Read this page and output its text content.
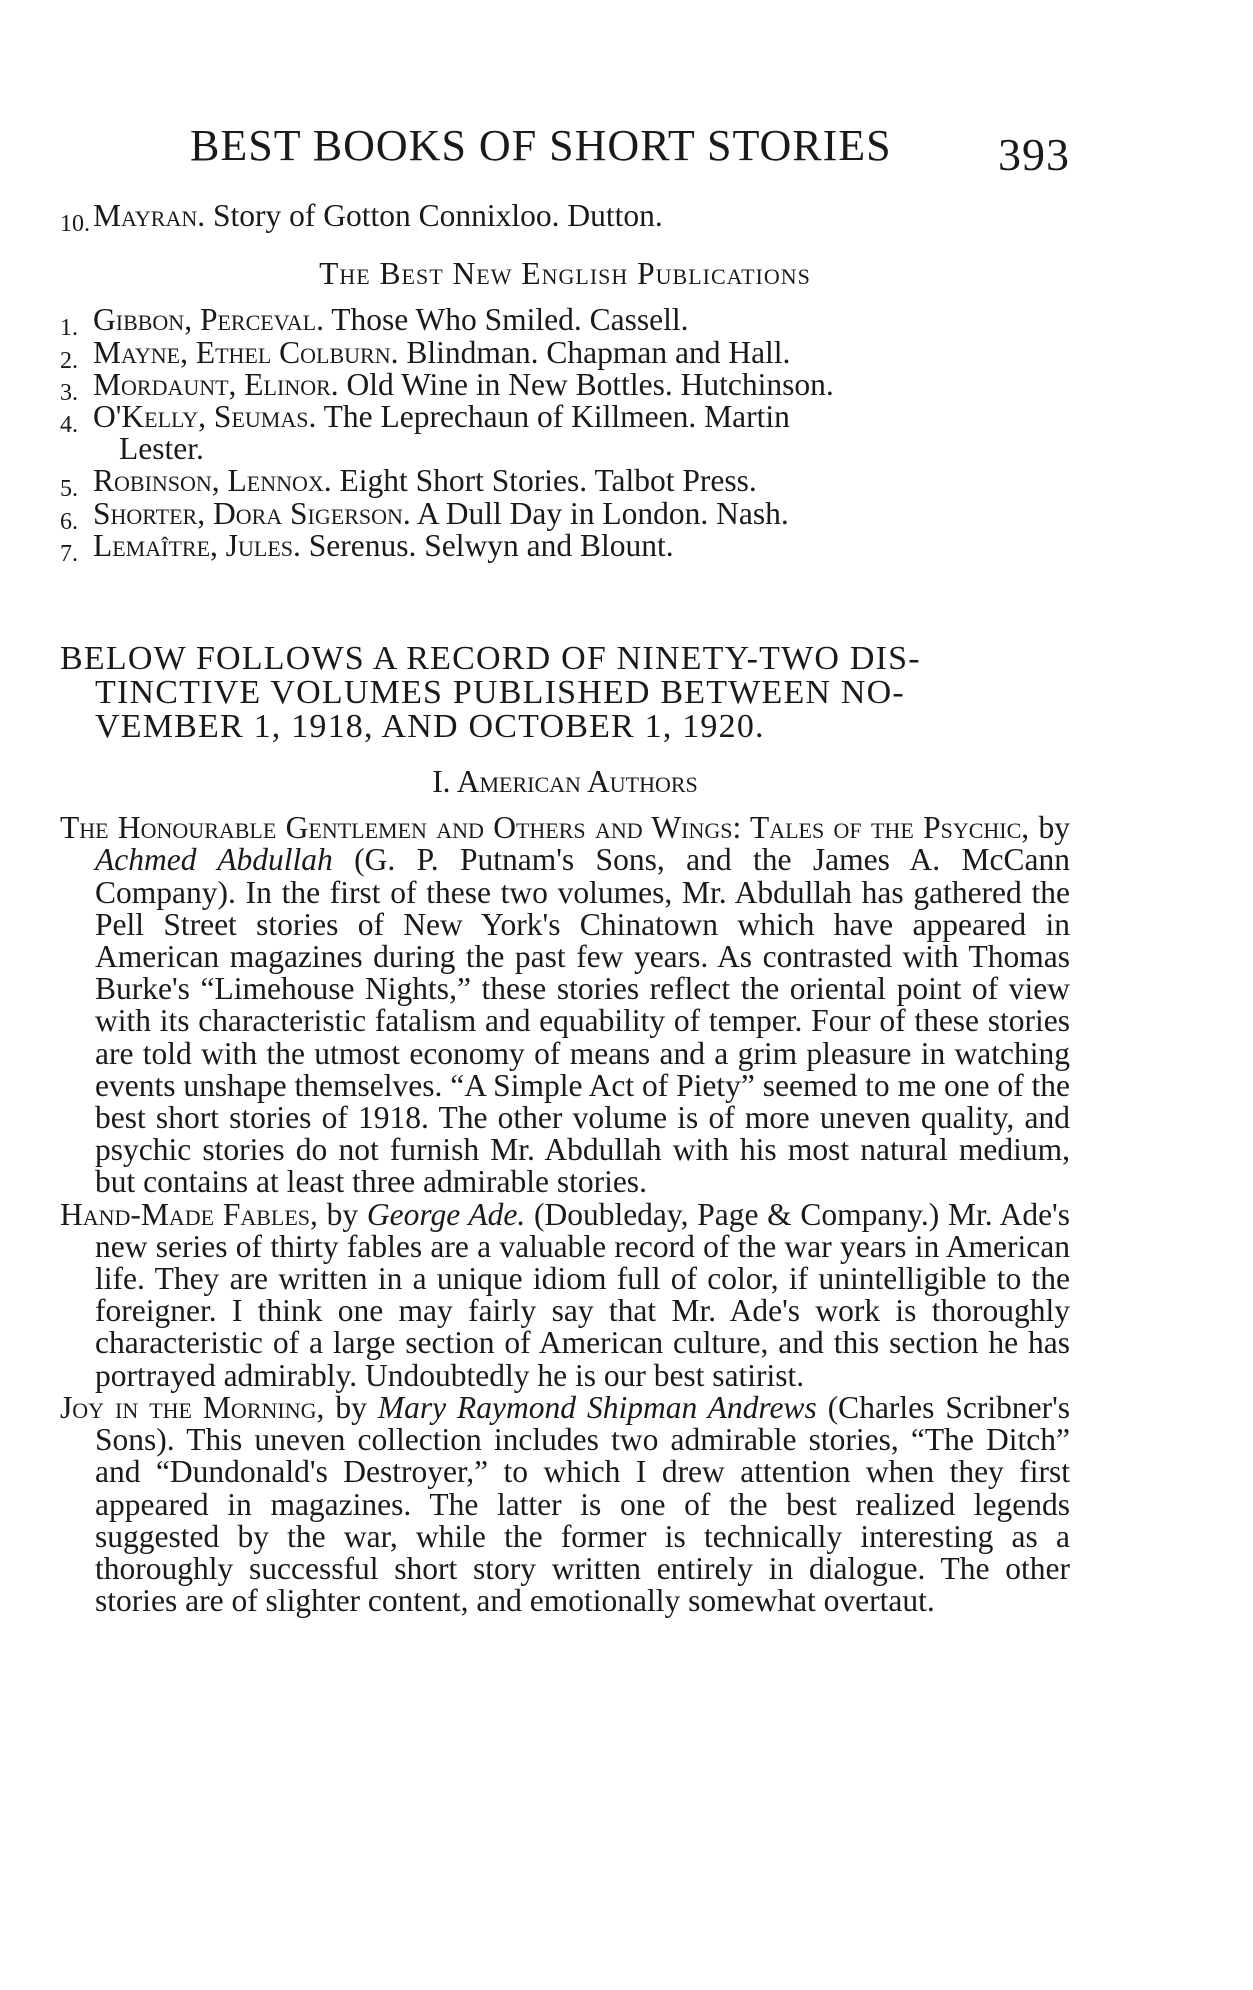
BEST BOOKS OF SHORT STORIES 393
10. Mayran. Story of Gotton Connixloo. Dutton.
The Best New English Publications
1. Gibbon, Perceval. Those Who Smiled. Cassell.
2. Mayne, Ethel Colburn. Blindman. Chapman and Hall.
3. Mordaunt, Elinor. Old Wine in New Bottles. Hutchinson.
4. O'Kelly, Seumas. The Leprechaun of Killmeen. Martin
Lester.
5. Robinson, Lennox. Eight Short Stories. Talbot Press.
6. Shorter, Dora Sigerson. A Dull Day in London. Nash.
7. Lemaître, Jules. Serenus. Selwyn and Blount.
BELOW FOLLOWS A RECORD OF NINETY-TWO DIS-
TINCTIVE VOLUMES PUBLISHED BETWEEN NO-
VEMBER 1, 1918, AND OCTOBER 1, 1920.
I. American Authors
The Honourable Gentlemen and Others and Wings: Tales of the Psychic, by Achmed Abdullah (G. P. Putnam's Sons, and the James A. McCann Company). In the first of these two volumes, Mr. Abdullah has gathered the Pell Street stories of New York's Chinatown which have appeared in American magazines during the past few years. As contrasted with Thomas Burke's “Limehouse Nights,” these stories reflect the oriental point of view with its characteristic fatalism and equability of temper. Four of these stories are told with the utmost economy of means and a grim pleasure in watching events unshape themselves. “A Simple Act of Piety” seemed to me one of the best short stories of 1918. The other volume is of more uneven quality, and psychic stories do not furnish Mr. Abdullah with his most natural medium, but contains at least three admirable stories.
Hand-Made Fables, by George Ade. (Doubleday, Page & Company.) Mr. Ade's new series of thirty fables are a valuable record of the war years in American life. They are written in a unique idiom full of color, if unintelligible to the foreigner. I think one may fairly say that Mr. Ade's work is thoroughly characteristic of a large section of American culture, and this section he has portrayed admirably. Undoubtedly he is our best satirist.
Joy in the Morning, by Mary Raymond Shipman Andrews (Charles Scribner's Sons). This uneven collection includes two admirable stories, “The Ditch” and “Dundonald's Destroyer,” to which I drew attention when they first appeared in magazines. The latter is one of the best realized legends suggested by the war, while the former is technically interesting as a thoroughly successful short story written entirely in dialogue. The other stories are of slighter content, and emotionally somewhat overtaut.
